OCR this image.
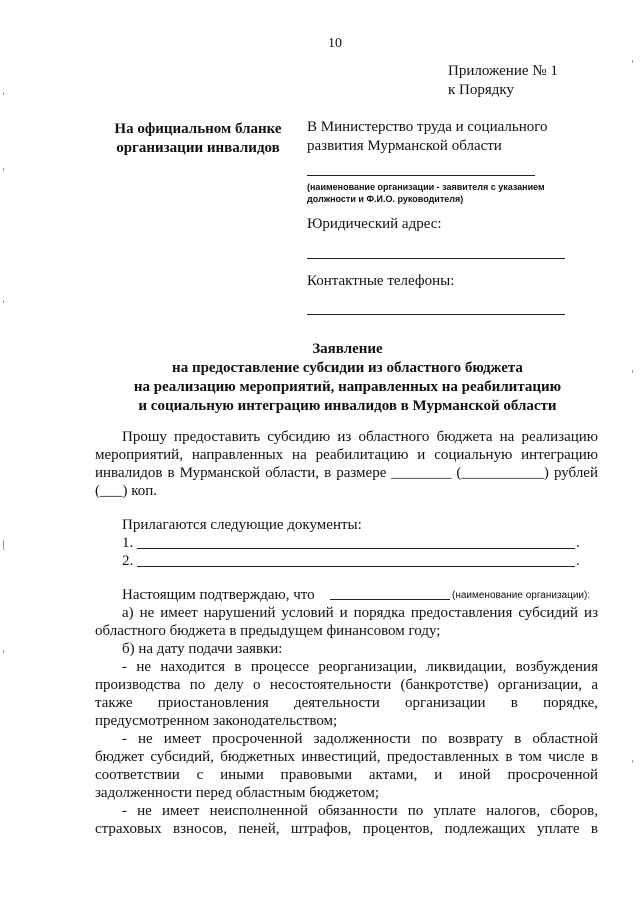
10
Приложение № 1
к Порядку
На официальном бланке
организации инвалидов
В Министерство труда и социального
развития Мурманской области
(наименование организации - заявителя с указанием
должности и Ф.И.О. руководителя)
Юридический адрес:
Контактные телефоны:
Заявление
на предоставление субсидии из областного бюджета
на реализацию мероприятий, направленных на реабилитацию
и социальную интеграцию инвалидов в Мурманской области
Прошу предоставить субсидию из областного бюджета на реализацию
мероприятий, направленных на реабилитацию и социальную интеграцию
инвалидов в Мурманской области, в размере ________ (___________) рублей
(___) коп.
Прилагаются следующие документы:
1.	.
2.	.
Настоящим подтверждаю, что	(наименование организации):
а) не имеет нарушений условий и порядка предоставления субсидий из
областного бюджета в предыдущем финансовом году;
б) на дату подачи заявки:
- не находится в процессе реорганизации, ликвидации, возбуждения
производства по делу о несостоятельности (банкротстве) организации, а
также приостановления деятельности организации в порядке,
предусмотренном законодательством;
- не имеет просроченной задолженности по возврату в областной
бюджет субсидий, бюджетных инвестиций, предоставленных в том числе в
соответствии с иными правовыми актами, и иной просроченной
задолженности перед областным бюджетом;
- не имеет неисполненной обязанности по уплате налогов, сборов,
страховых взносов, пеней, штрафов, процентов, подлежащих уплате в
